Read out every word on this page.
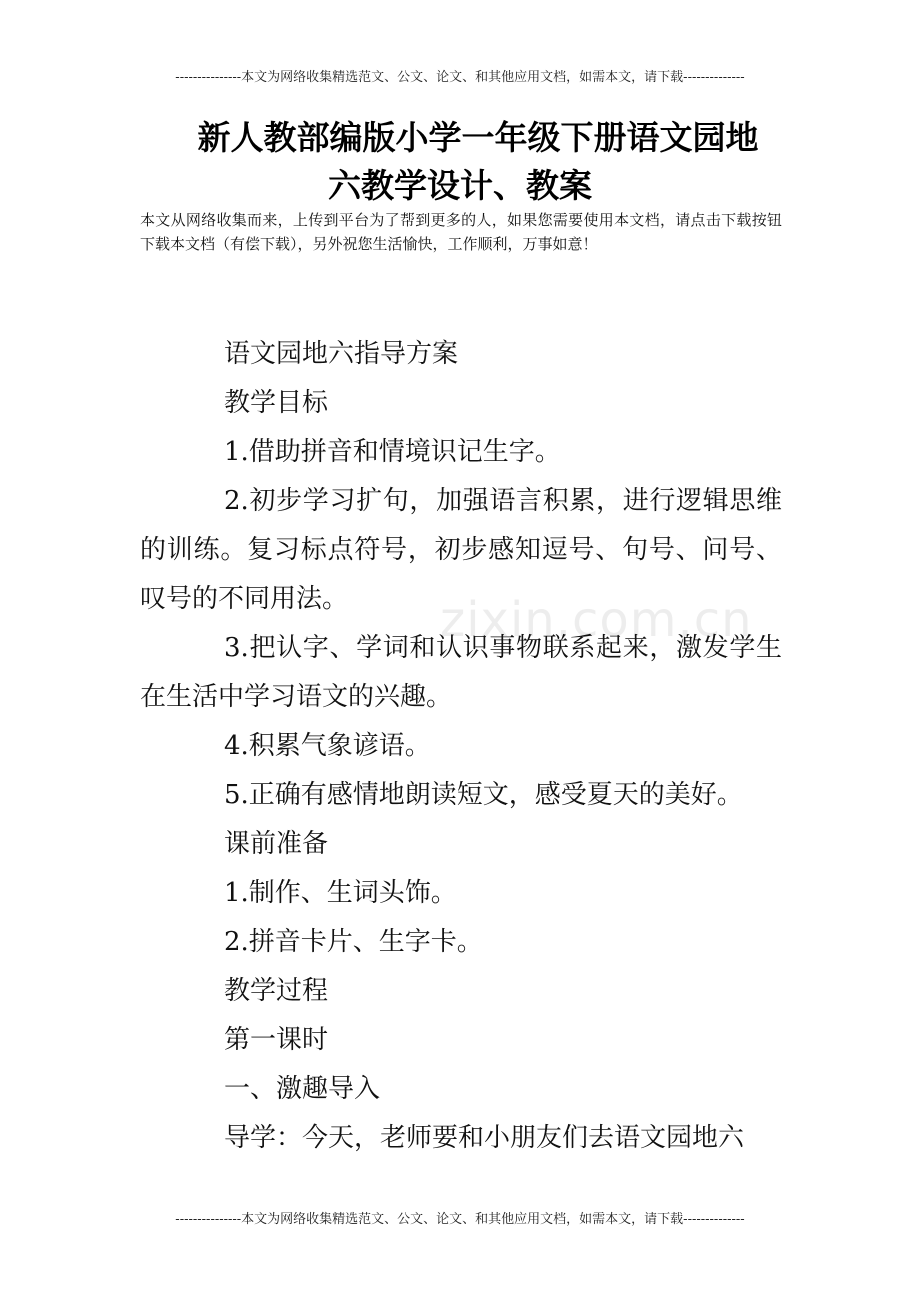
---------------本文为网络收集精选范文、公文、论文、和其他应用文档，如需本文，请下载--------------
新人教部编版小学一年级下册语文园地
六教学设计、教案
本文从网络收集而来，上传到平台为了帮到更多的人，如果您需要使用本文档，请点击下载按钮下载本文档（有偿下载），另外祝您生活愉快，工作顺利，万事如意！
zixin.com.cn

语文园地六指导方案

教学目标

1.借助拼音和情境识记生字。

2.初步学习扩句，加强语言积累，进行逻辑思维的训练。复习标点符号，初步感知逗号、句号、问号、叹号的不同用法。

3.把认字、学词和认识事物联系起来，激发学生在生活中学习语文的兴趣。

4.积累气象谚语。

5.正确有感情地朗读短文，感受夏天的美好。

课前准备

1.制作、生词头饰。

2.拼音卡片、生字卡。

教学过程

第一课时

一、激趣导入

导学：今天，老师要和小朋友们去语文园地六

---------------本文为网络收集精选范文、公文、论文、和其他应用文档，如需本文，请下载--------------
